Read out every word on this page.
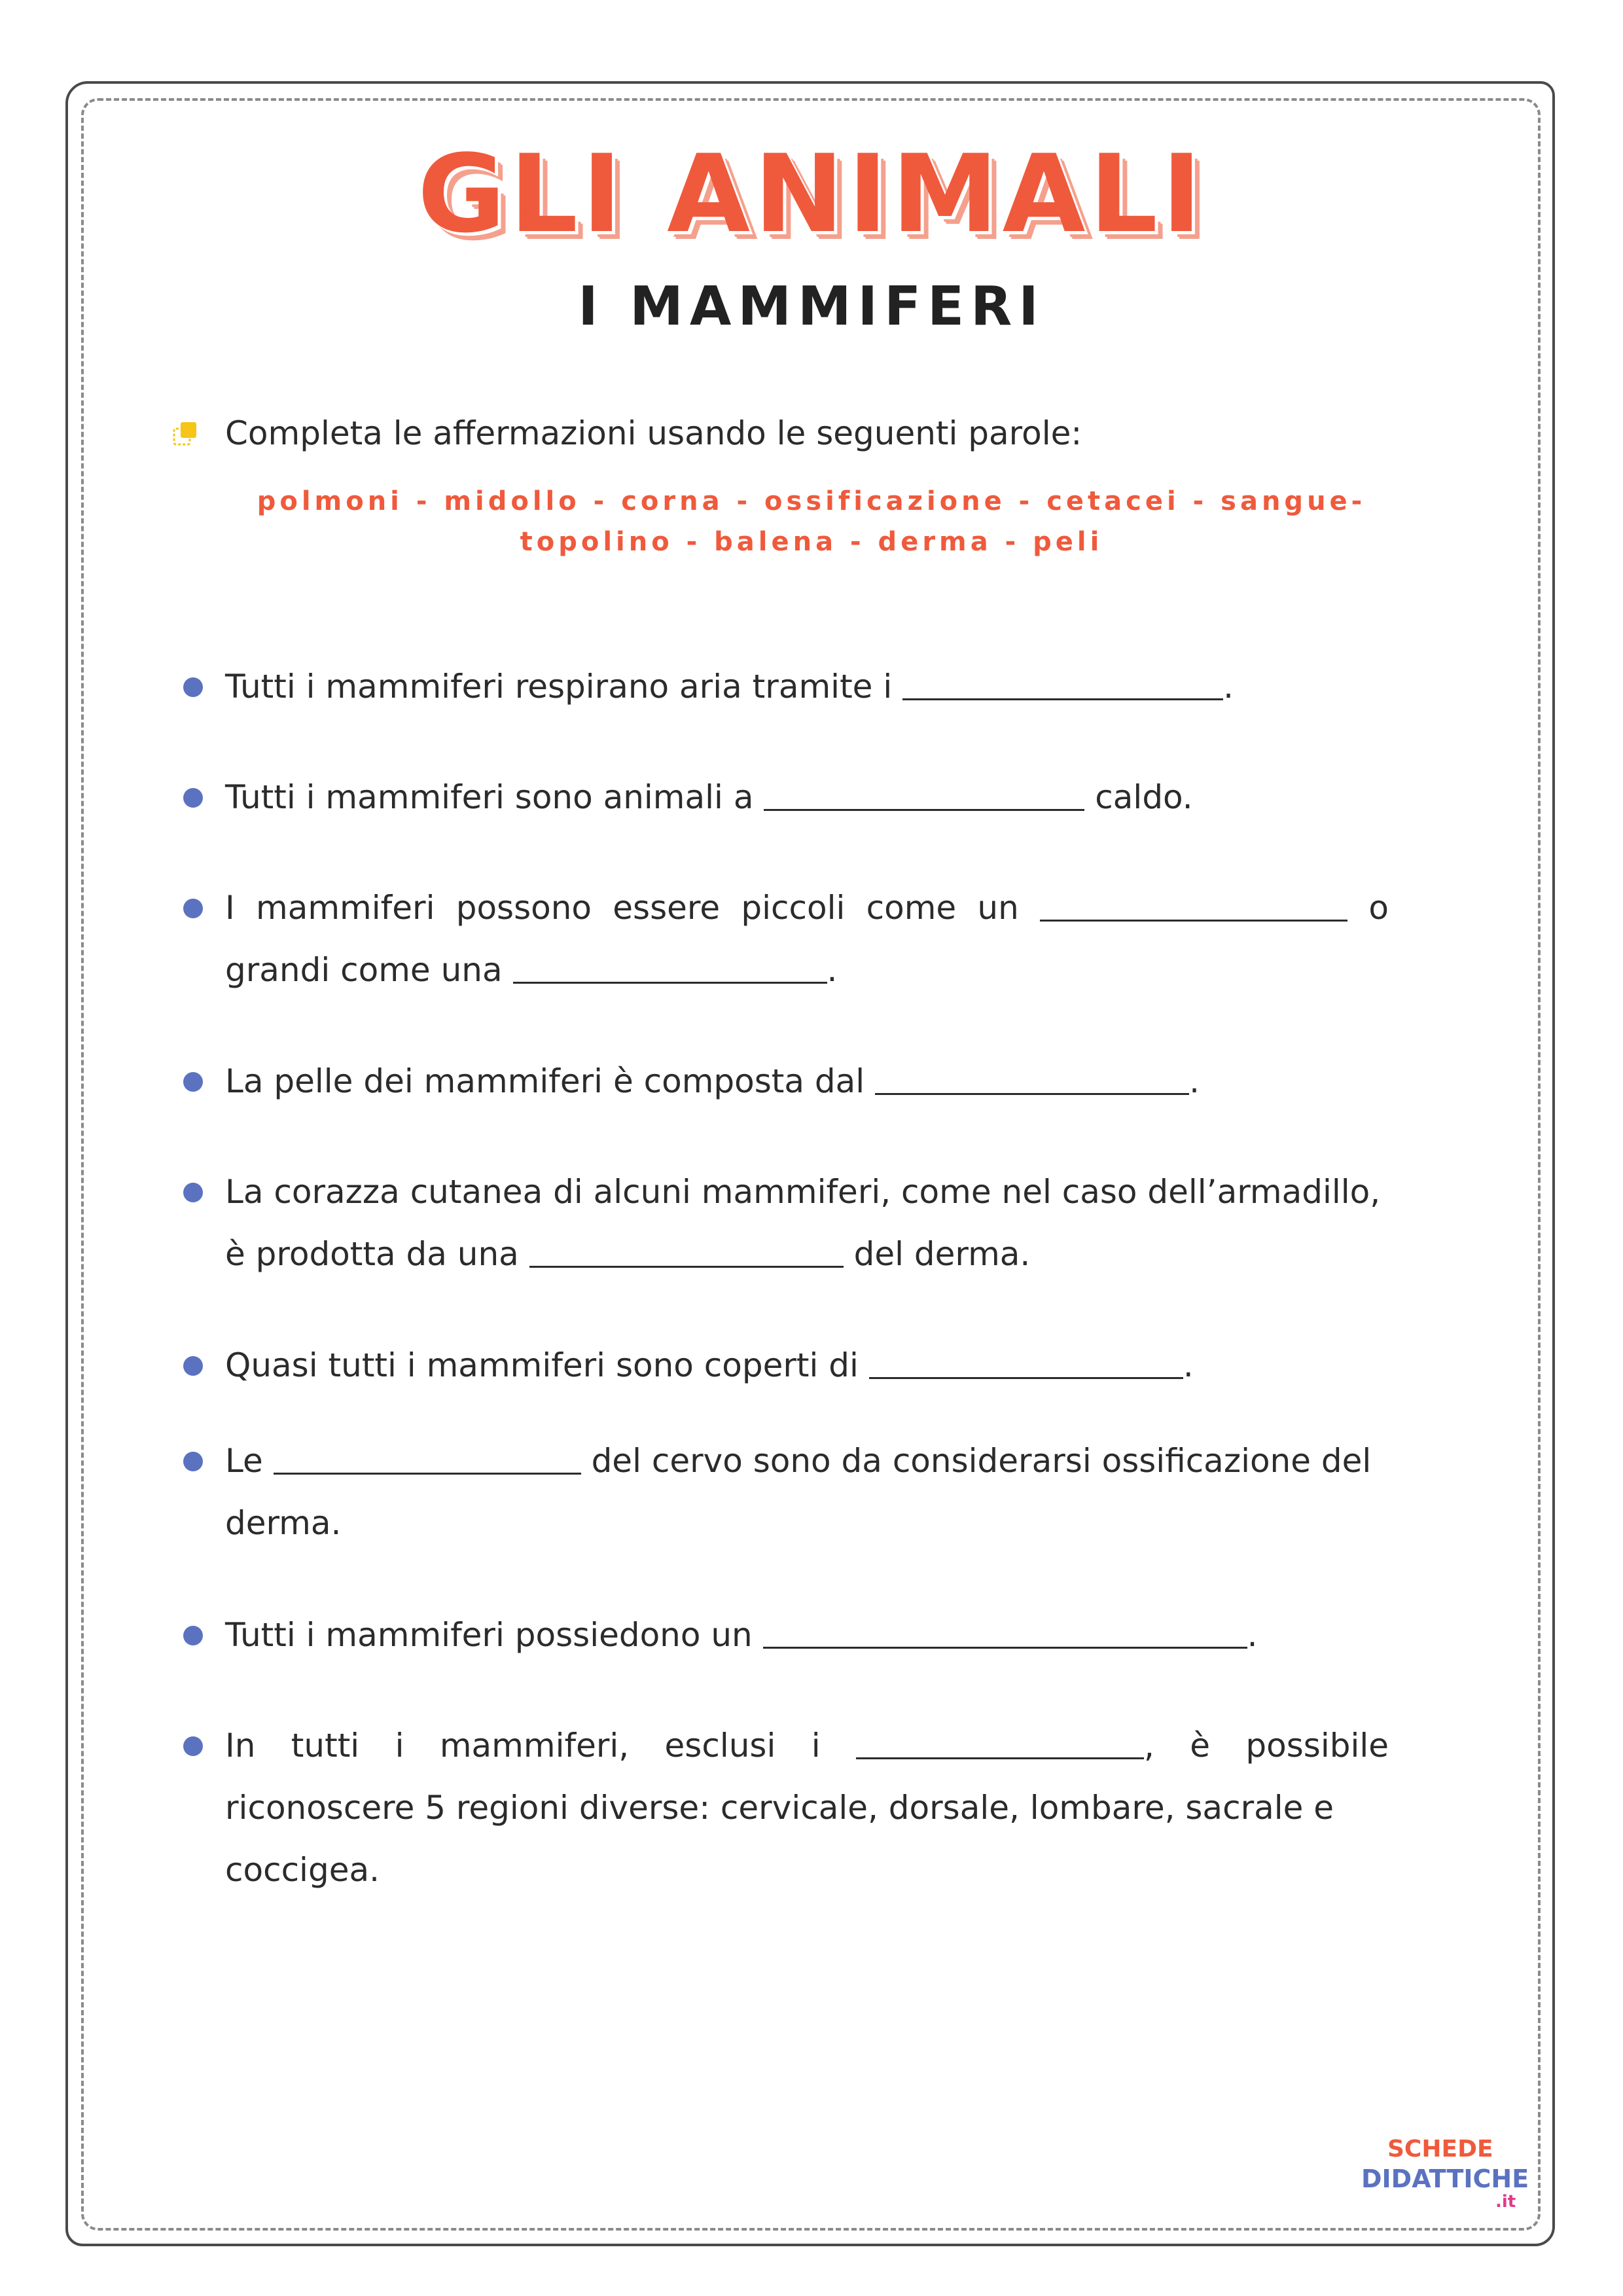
GLI ANIMALI
I MAMMIFERI
Completa le affermazioni usando le seguenti parole:
polmoni - midollo - corna - ossificazione - cetacei - sangue-
topolino - balena - derma - peli
Tutti i mammiferi respirano aria tramite i	.
Tutti i mammiferi sono animali a	caldo.
I mammiferi possono essere piccoli come un	o
grandi come una	.
La pelle dei mammiferi è composta dal	.
La corazza cutanea di alcuni mammiferi, come nel caso dell’armadillo,
è prodotta da una	del derma.
Quasi tutti i mammiferi sono coperti di	.
Le	del cervo sono da considerarsi ossificazione del
derma.
Tutti i mammiferi possiedono un	.
In tutti i mammiferi, esclusi i	, è possibile
riconoscere 5 regioni diverse: cervicale, dorsale, lombare, sacrale e
coccigea.
SCHEDE
DIDATTICHE
.it
